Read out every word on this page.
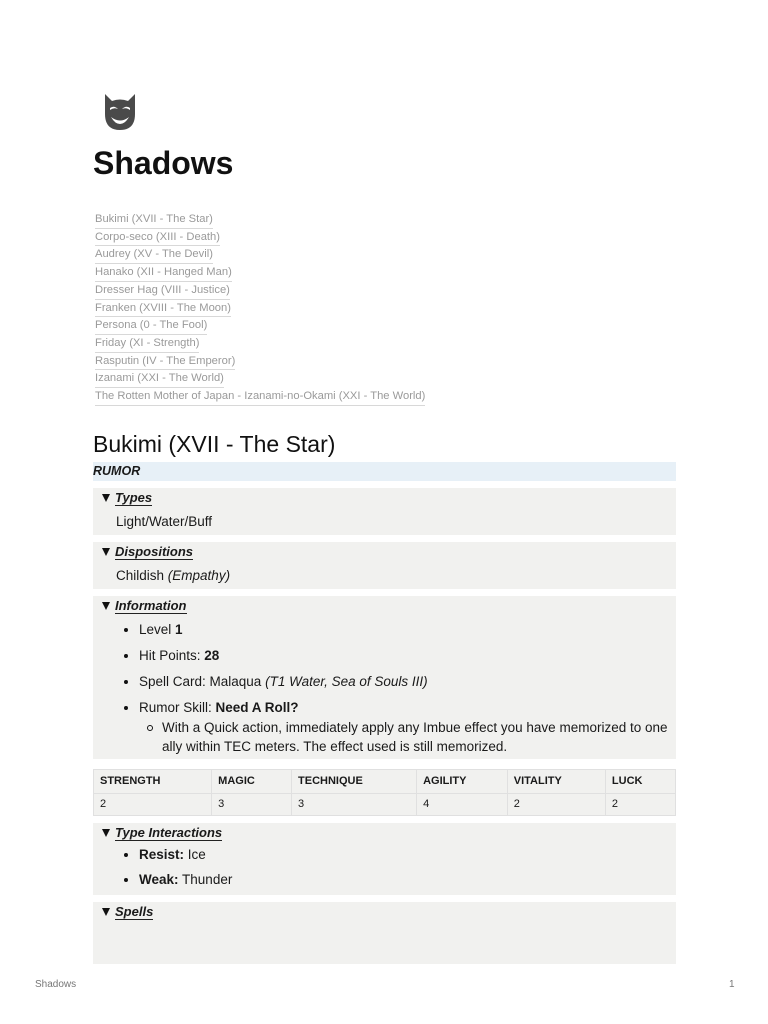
Shadows
Bukimi (XVII - The Star)
Corpo-seco (XIII - Death)
Audrey (XV - The Devil)
Hanako (XII - Hanged Man)
Dresser Hag (VIII - Justice)
Franken (XVIII - The Moon)
Persona (0 - The Fool)
Friday (XI - Strength)
Rasputin (IV - The Emperor)
Izanami (XXI - The World)
The Rotten Mother of Japan - Izanami-no-Okami (XXI - The World)
Bukimi (XVII - The Star)
RUMOR
Types
Light/Water/Buff
Dispositions
Childish (Empathy)
Information
Level 1
Hit Points: 28
Spell Card: Malaqua (T1 Water, Sea of Souls III)
Rumor Skill: Need A Roll?
With a Quick action, immediately apply any Imbue effect you have memorized to one ally within TEC meters. The effect used is still memorized.
STRENGTH	MAGIC	TECHNIQUE	AGILITY	VITALITY	LUCK
2	3	3	4	2	2
Type Interactions
Resist: Ice
Weak: Thunder
Spells
Shadows	1
